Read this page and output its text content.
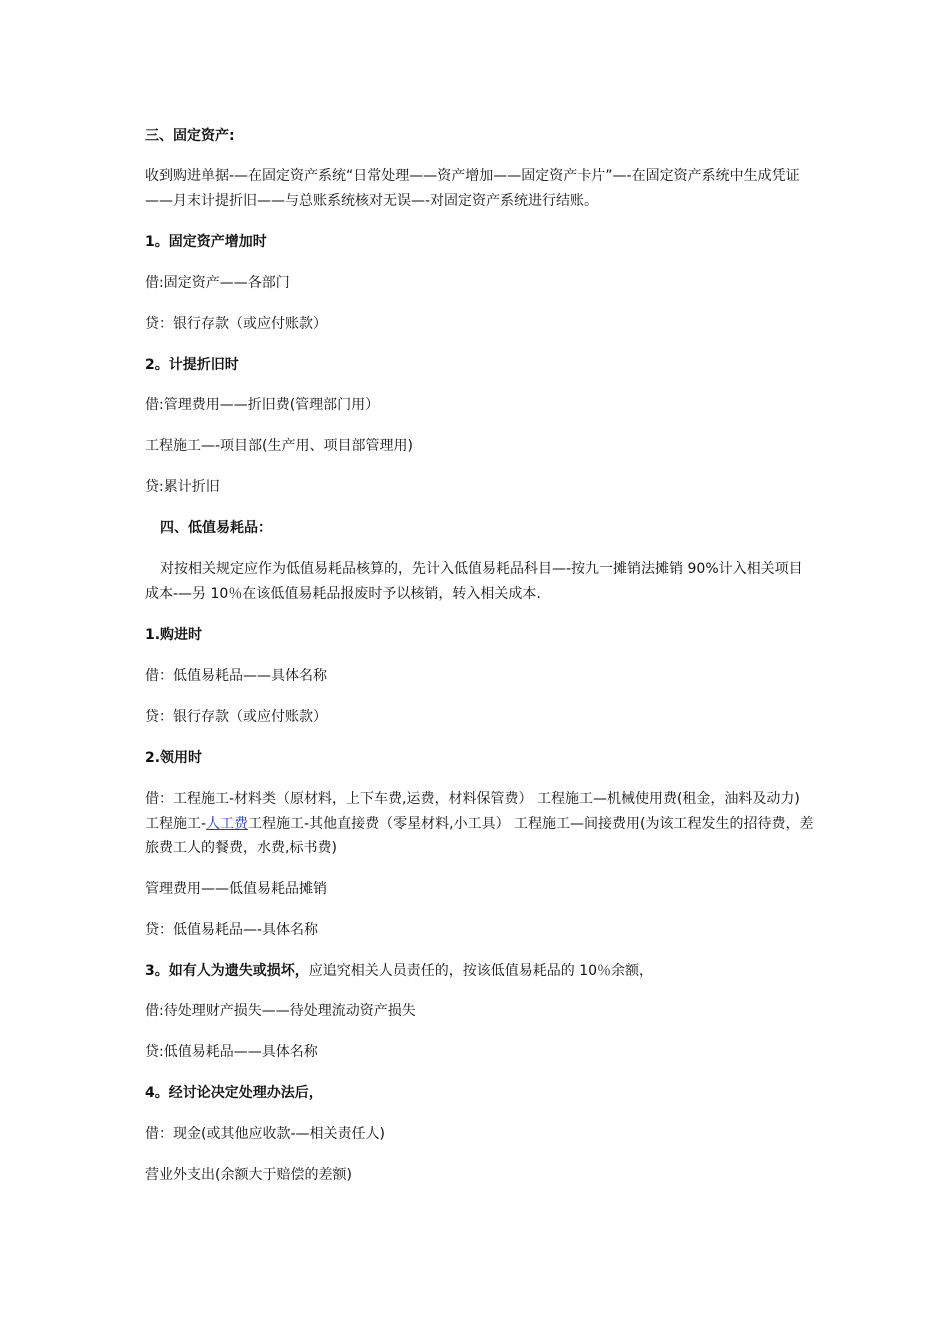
三、固定资产:
收到购进单据-—在固定资产系统“日常处理——资产增加——固定资产卡片”—-在固定资产系统中生成凭证——月末计提折旧——与总账系统核对无误—-对固定资产系统进行结账。
1。固定资产增加时
借:固定资产——各部门
贷：银行存款（或应付账款）
2。计提折旧时
借:管理费用——折旧费(管理部门用）
工程施工—-项目部(生产用、项目部管理用)
贷:累计折旧
四、低值易耗品：
对按相关规定应作为低值易耗品核算的，先计入低值易耗品科目—-按九一摊销法摊销 90%计入相关项目成本-—另 10％在该低值易耗品报废时予以核销，转入相关成本.
1.购进时
借：低值易耗品——具体名称
贷：银行存款（或应付账款）
2.领用时
借：工程施工-材料类（原材料，上下车费,运费，材料保管费） 工程施工—机械使用费(租金，油料及动力) 工程施工-人工费工程施工-其他直接费（零星材料,小工具） 工程施工—间接费用(为该工程发生的招待费，差旅费工人的餐费，水费,标书费)
管理费用——低值易耗品摊销
贷：低值易耗品—-具体名称
3。如有人为遗失或损坏，应追究相关人员责任的，按该低值易耗品的 10％余额，
借:待处理财产损失——待处理流动资产损失
贷:低值易耗品——具体名称
4。经讨论决定处理办法后，
借：现金(或其他应收款-—相关责任人)
营业外支出(余额大于赔偿的差额)
